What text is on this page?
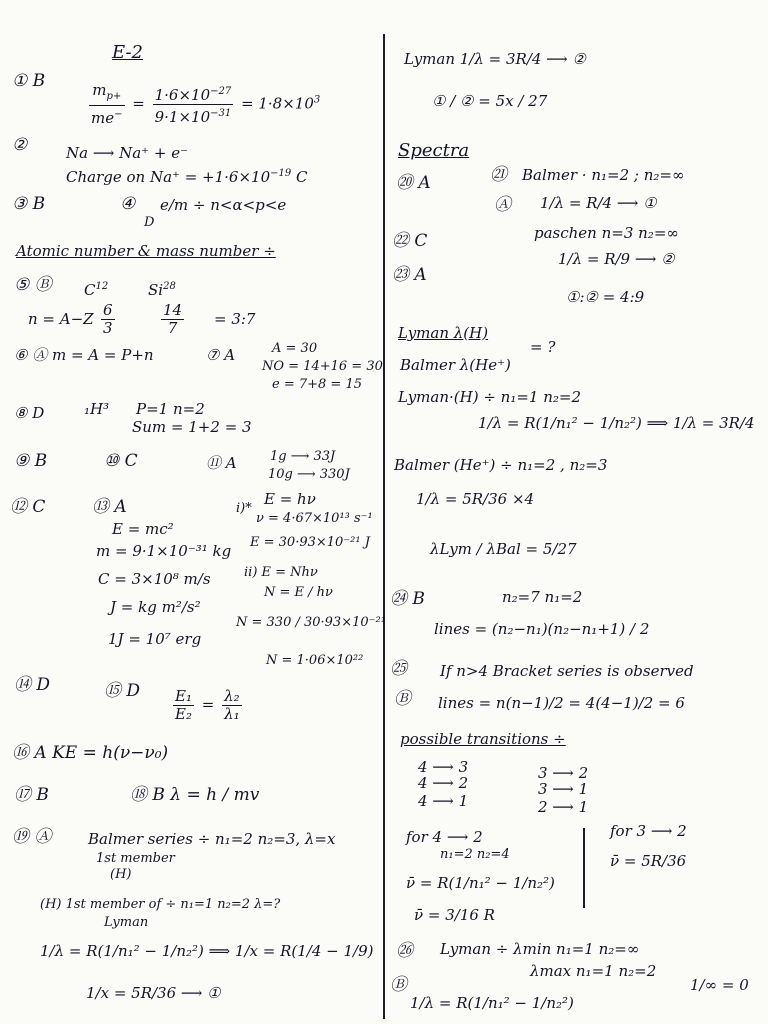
E-2
① B
$\frac{m_{p+}}{me^-} = \frac{1\cdot 6\times 10^{-27}}{9\cdot 1\times 10^{-31}} = 1\cdot 8\times 10^3$
②	Na ⟶ Na⁺ + e⁻
Charge on $Na^+ = +1\cdot 6\times 10^{-19}$ C
③ B	④
D
e/m ÷ n<α<p<e
Atomic number & mass number ÷
⑤ Ⓑ $C^{12}$	Si$^{28}$
$n = A-Z \frac{6}{3}$	$\frac{14}{7}$ = 3:7
⑥ Ⓐ m = A = P+n	⑦ A	A = 30
NO = 14+16 = 30
e = 7+8 = 15
⑧ D	₁H³ P=1 n=2
Sum = 1+2 = 3
⑨ B	⑩ C	⑪ A	1g ⟶ 33J
10g ⟶ 330J
⑫ C	⑬ A
E = mc²
m = 9·1×10⁻³¹ kg
C = 3×10⁸ m/s
J = kg m²/s²
1J = 10⁷ erg
i)*
E = hν
ν = 4·67×10¹³ s⁻¹
E = 30·93×10⁻²¹ J
ii) E = Nhν
N = E / hν
N = 330 / 30·93×10⁻²¹
N = 1·06×10²²
⑭ D	⑮ D $\frac{\text{E₁}}{\text{E₂}} = \frac{\text{λ₂}}{\text{λ₁}}$
⑯ A KE = h(ν−ν₀)
⑰ B	⑱ B λ = h / mv
⑲ Ⓐ Balmer series ÷ n₁=2 n₂=3, λ=x
1st member
(H)
(H) 1st member of ÷ n₁=1 n₂=2 λ=?
Lyman
1/λ = R(1/n₁² − 1/n₂²) ⟹ 1/x = R(1/4 − 1/9)
1/x = 5R/36 ⟶ ①
Lyman 1/λ = 3R/4 ⟶ ②
① / ② = 5x / 27
Spectra
⑳ A	㉑ Balmer · n₁=2 ; n₂=∞
Ⓐ 1/λ = R/4 ⟶ ①
paschen n=3 n₂=∞
1/λ = R/9 ⟶ ②
①:② = 4:9
㉒ C
㉓ A
Lyman λ(H)
Balmer λ(He⁺)
= ?
Lyman·(H) ÷ n₁=1 n₂=2
1/λ = R(1/n₁² − 1/n₂²) ⟹ 1/λ = 3R/4
Balmer (He⁺) ÷ n₁=2 , n₂=3
1/λ = 5R/36 ×4
λLym / λBal = 5/27
㉔ B	n₂=7 n₁=2
lines = (n₂−n₁)(n₂−n₁+1) / 2
㉕ If n>4 Bracket series is observed
Ⓑ lines = n(n−1)/2 = 4(4−1)/2 = 6
possible transitions ÷
4 ⟶ 3
4 ⟶ 2
4 ⟶ 1
3 ⟶ 2
3 ⟶ 1
2 ⟶ 1
for 4 ⟶ 2
n₁=2 n₂=4
ν̄ = R(1/n₁² − 1/n₂²)
ν̄ = 3/16 R
for 3 ⟶ 2
ν̄ = 5R/36
㉖ Lyman ÷ λmin n₁=1 n₂=∞
λmax n₁=1 n₂=2
Ⓑ
1/λ = R(1/n₁² − 1/n₂²)
1/∞ = 0
